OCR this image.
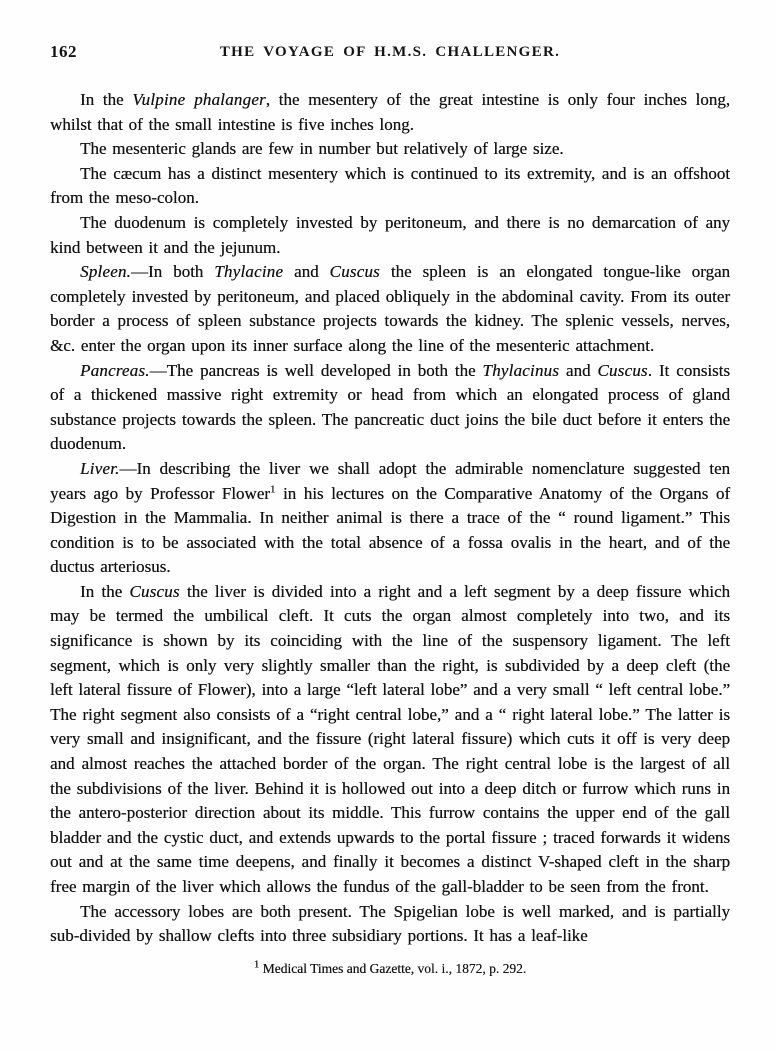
162	THE VOYAGE OF H.M.S. CHALLENGER.

In the Vulpine phalanger, the mesentery of the great intestine is only four inches long, whilst that of the small intestine is five inches long.

The mesenteric glands are few in number but relatively of large size.

The cæcum has a distinct mesentery which is continued to its extremity, and is an offshoot from the meso-colon.

The duodenum is completely invested by peritoneum, and there is no demarcation of any kind between it and the jejunum.

Spleen.—In both Thylacine and Cuscus the spleen is an elongated tongue-like organ completely invested by peritoneum, and placed obliquely in the abdominal cavity. From its outer border a process of spleen substance projects towards the kidney. The splenic vessels, nerves, &c. enter the organ upon its inner surface along the line of the mesenteric attachment.

Pancreas.—The pancreas is well developed in both the Thylacinus and Cuscus. It consists of a thickened massive right extremity or head from which an elongated process of gland substance projects towards the spleen. The pancreatic duct joins the bile duct before it enters the duodenum.

Liver.—In describing the liver we shall adopt the admirable nomenclature suggested ten years ago by Professor Flower$^1$ in his lectures on the Comparative Anatomy of the Organs of Digestion in the Mammalia. In neither animal is there a trace of the “ round ligament.” This condition is to be associated with the total absence of a fossa ovalis in the heart, and of the ductus arteriosus.

In the Cuscus the liver is divided into a right and a left segment by a deep fissure which may be termed the umbilical cleft. It cuts the organ almost completely into two, and its significance is shown by its coinciding with the line of the suspensory ligament. The left segment, which is only very slightly smaller than the right, is subdivided by a deep cleft (the left lateral fissure of Flower), into a large “left lateral lobe” and a very small “ left central lobe.” The right segment also consists of a “right central lobe,” and a “ right lateral lobe.” The latter is very small and insignificant, and the fissure (right lateral fissure) which cuts it off is very deep and almost reaches the attached border of the organ. The right central lobe is the largest of all the subdivisions of the liver. Behind it is hollowed out into a deep ditch or furrow which runs in the antero-posterior direction about its middle. This furrow contains the upper end of the gall bladder and the cystic duct, and extends upwards to the portal fissure ; traced forwards it widens out and at the same time deepens, and finally it becomes a distinct V-shaped cleft in the sharp free margin of the liver which allows the fundus of the gall-bladder to be seen from the front.

The accessory lobes are both present. The Spigelian lobe is well marked, and is partially sub-divided by shallow clefts into three subsidiary portions. It has a leaf-like

$^1$ Medical Times and Gazette, vol. i., 1872, p. 292.
